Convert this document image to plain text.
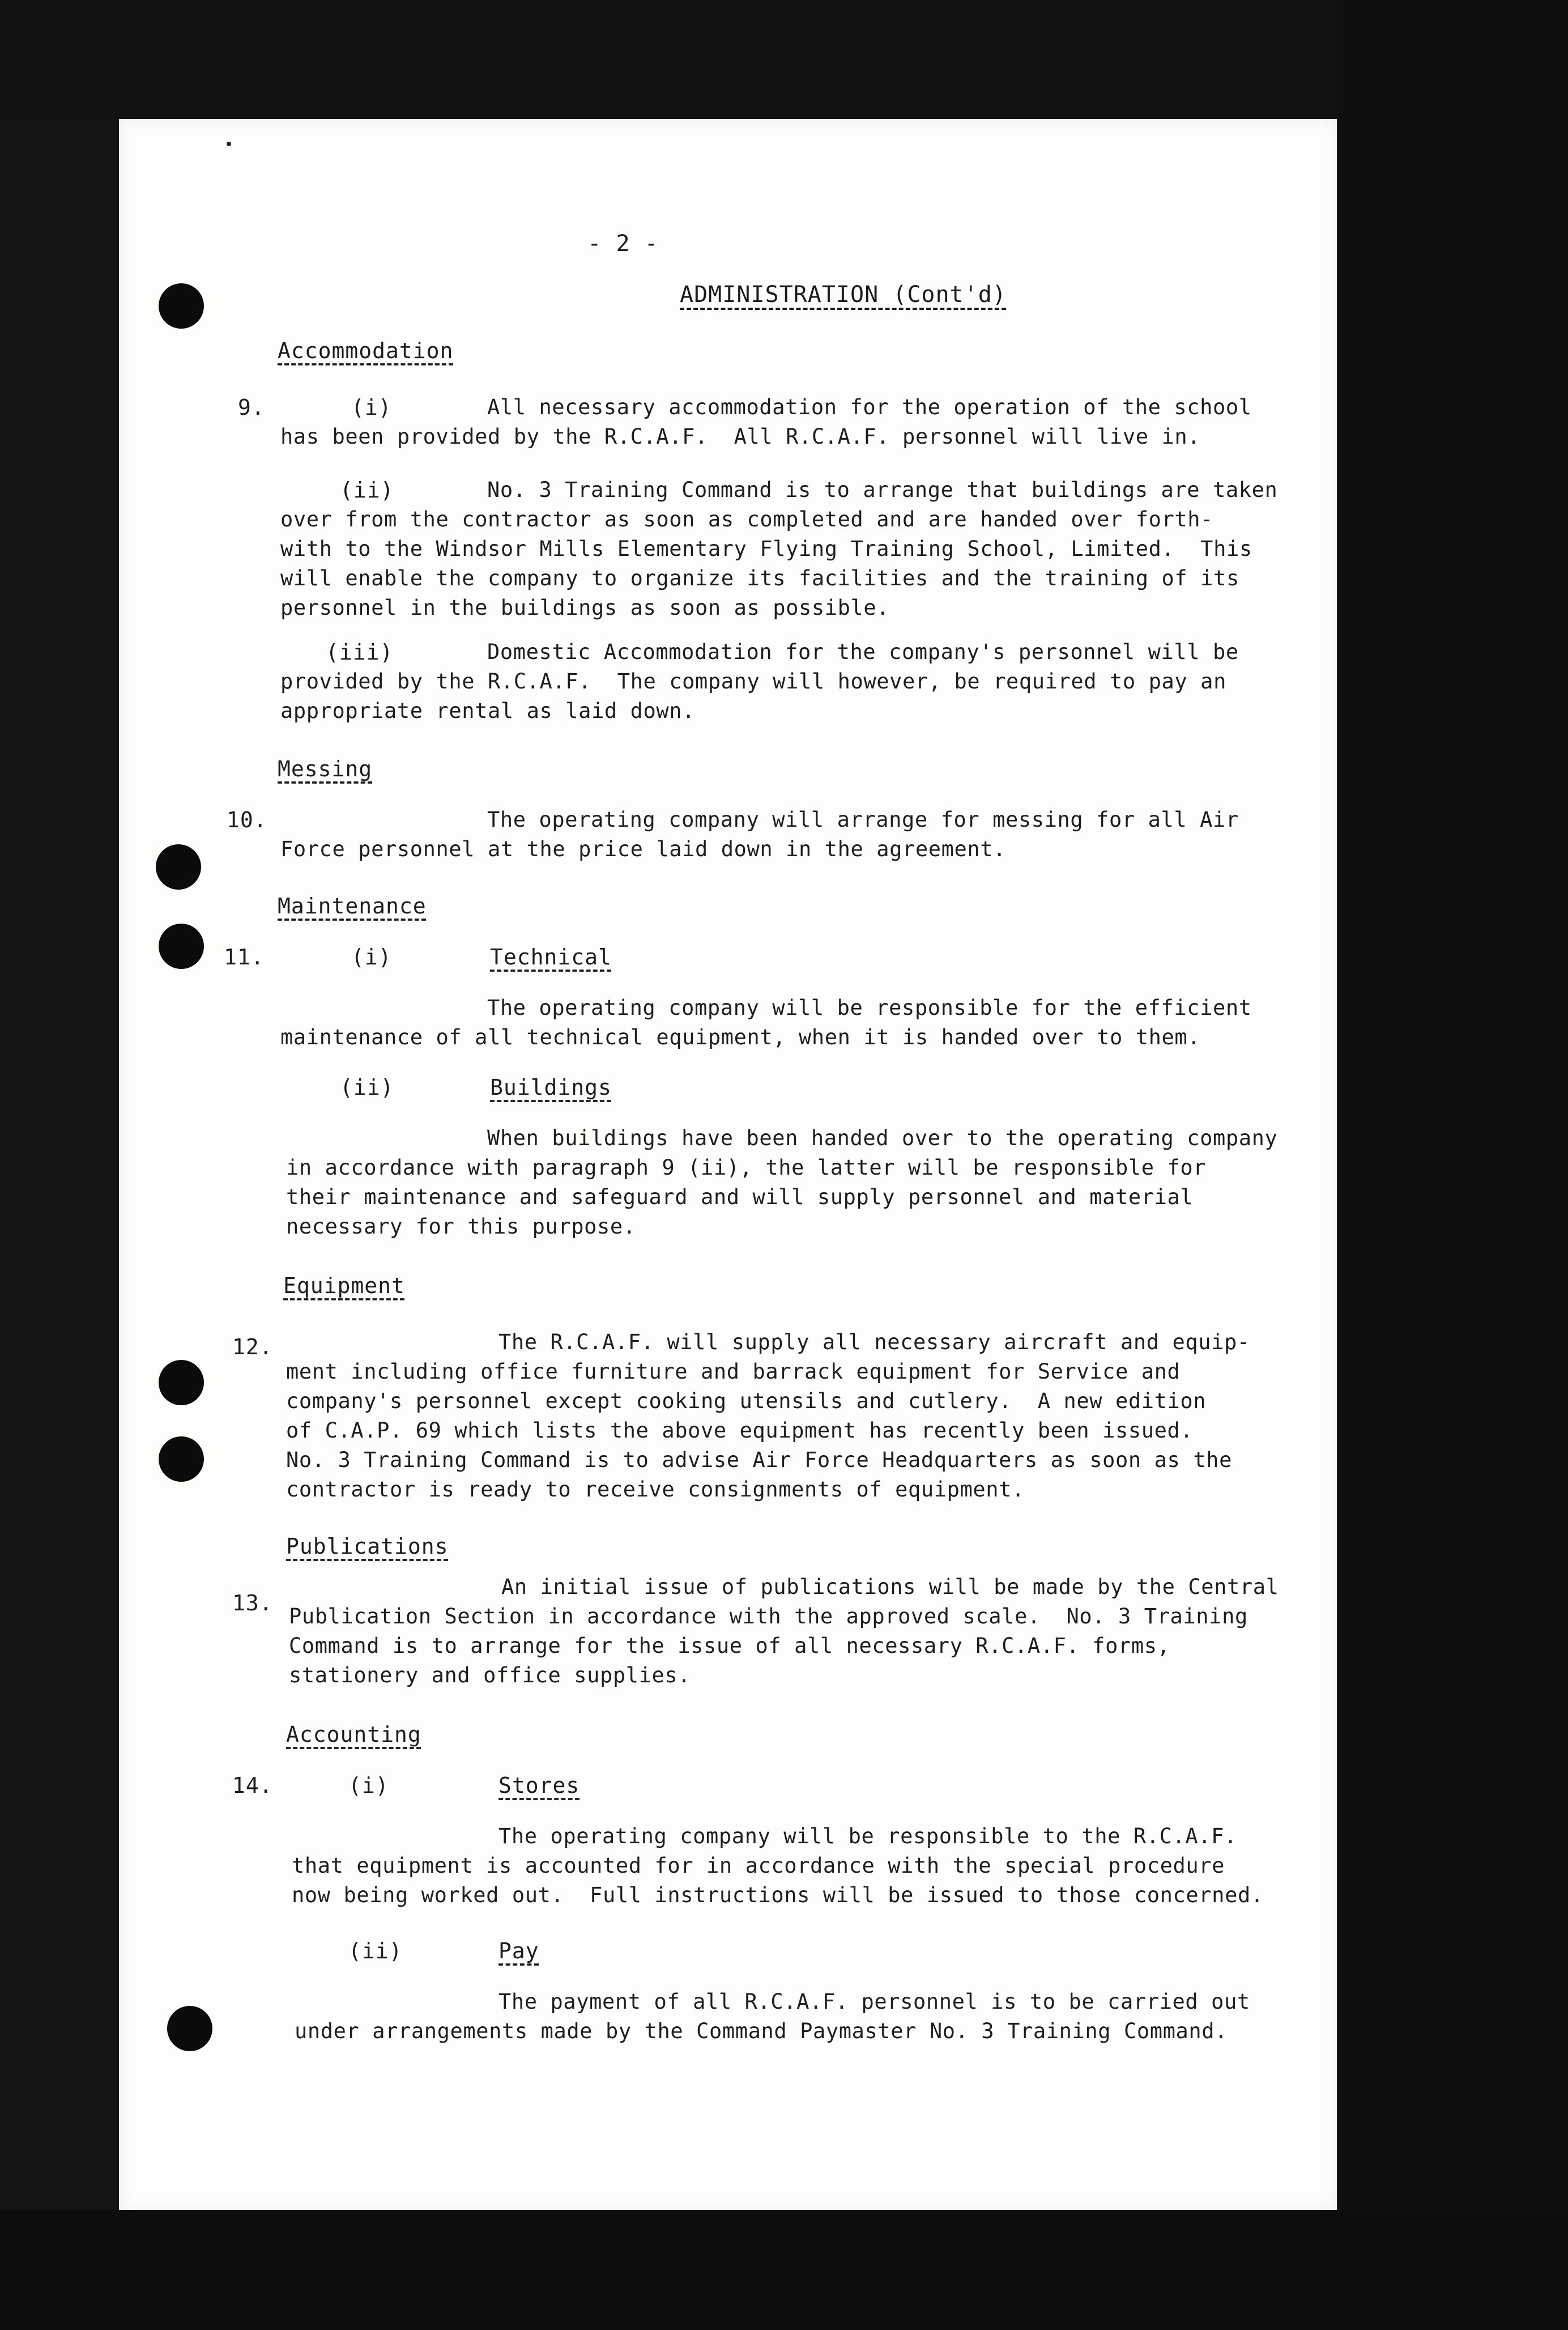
- 2 -
ADMINISTRATION (Cont'd)
Accommodation
9.	(i)	All necessary accommodation for the operation of the school
has been provided by the R.C.A.F.  All R.C.A.F. personnel will live in.
(ii)	No. 3 Training Command is to arrange that buildings are taken
over from the contractor as soon as completed and are handed over forth-
with to the Windsor Mills Elementary Flying Training School, Limited.  This
will enable the company to organize its facilities and the training of its
personnel in the buildings as soon as possible.
(iii)	Domestic Accommodation for the company's personnel will be
provided by the R.C.A.F.  The company will however, be required to pay an
appropriate rental as laid down.
Messing
10.	The operating company will arrange for messing for all Air
Force personnel at the price laid down in the agreement.
Maintenance
11.	(i)	Technical
The operating company will be responsible for the efficient
maintenance of all technical equipment, when it is handed over to them.
(ii)	Buildings
When buildings have been handed over to the operating company
in accordance with paragraph 9 (ii), the latter will be responsible for
their maintenance and safeguard and will supply personnel and material
necessary for this purpose.
Equipment
12.	The R.C.A.F. will supply all necessary aircraft and equip-
ment including office furniture and barrack equipment for Service and
company's personnel except cooking utensils and cutlery.  A new edition
of C.A.P. 69 which lists the above equipment has recently been issued.
No. 3 Training Command is to advise Air Force Headquarters as soon as the
contractor is ready to receive consignments of equipment.
Publications
13.
An initial issue of publications will be made by the Central
Publication Section in accordance with the approved scale.  No. 3 Training
Command is to arrange for the issue of all necessary R.C.A.F. forms,
stationery and office supplies.
Accounting
14.	(i)	Stores
The operating company will be responsible to the R.C.A.F.
that equipment is accounted for in accordance with the special procedure
now being worked out.  Full instructions will be issued to those concerned.
(ii)	Pay
The payment of all R.C.A.F. personnel is to be carried out
under arrangements made by the Command Paymaster No. 3 Training Command.
